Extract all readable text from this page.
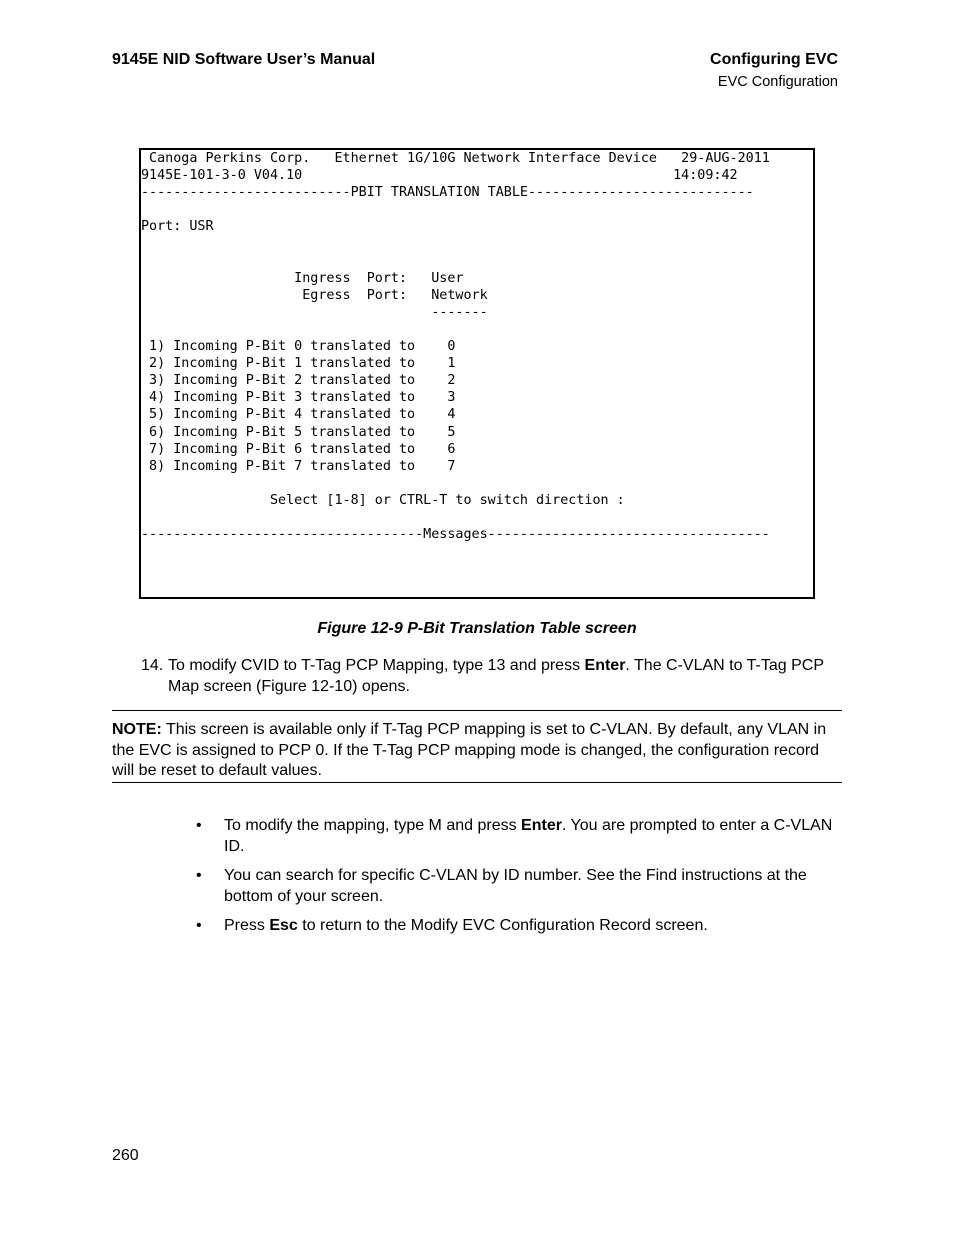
9145E NID Software User’s Manual	Configuring EVC
EVC Configuration
Canoga Perkins Corp.   Ethernet 1G/10G Network Interface Device   29-AUG-2011
9145E-101-3-0 V04.10                                              14:09:42
--------------------------PBIT TRANSLATION TABLE----------------------------
Port: USR
Ingress  Port:   User
Egress  Port:   Network
-------
1) Incoming P-Bit 0 translated to    0
2) Incoming P-Bit 1 translated to    1
3) Incoming P-Bit 2 translated to    2
4) Incoming P-Bit 3 translated to    3
5) Incoming P-Bit 4 translated to    4
6) Incoming P-Bit 5 translated to    5
7) Incoming P-Bit 6 translated to    6
8) Incoming P-Bit 7 translated to    7
Select [1-8] or CTRL-T to switch direction :
-----------------------------------Messages-----------------------------------
Figure 12-9 P-Bit Translation Table screen
14. To modify CVID to T-Tag PCP Mapping, type 13 and press Enter. The C-VLAN to T-Tag PCP Map screen (Figure 12-10) opens.
NOTE: This screen is available only if T-Tag PCP mapping is set to C-VLAN. By default, any VLAN in the EVC is assigned to PCP 0. If the T-Tag PCP mapping mode is changed, the configuration record will be reset to default values.
• To modify the mapping, type M and press Enter. You are prompted to enter a C-VLAN ID.
• You can search for specific C-VLAN by ID number. See the Find instructions at the bottom of your screen.
• Press Esc to return to the Modify EVC Configuration Record screen.
260
